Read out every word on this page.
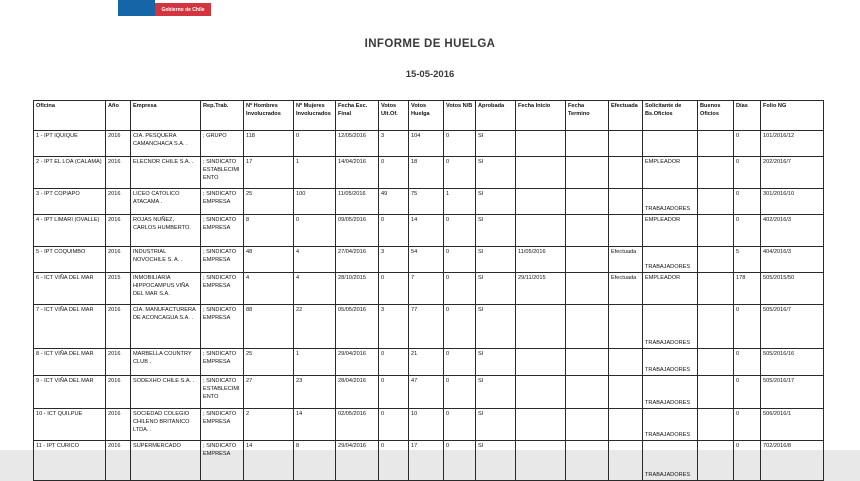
Gobierno de Chile
INFORME DE HUELGA
15-05-2016
Oficina	Año	Empresa	Rep.Trab.	Nº Hombres Involucrados	Nº Mujeres Involucrados	Fecha Esc. Final	Votos Ult.Of.	Votos Huelga	Votos N/B	Aprobada	Fecha Inicio	Fecha Termino	Efectuada	Solicitante de Bs.Oficios	Buenos Oficios	Días	Folio NG
1 - IPT IQUIQUE	2016	CIA. PESQUERA CAMANCHACA S.A. .	; GRUPO	118	0	12/05/2016	3	104	0	SI						0	101/2016/12
2 - IPT EL LOA (CALAMA)	2016	ELECNOR CHILE S.A. .	; SINDICATO ESTABLECIMIENTO	17	1	14/04/2016	0	18	0	SI				EMPLEADOR		0	202/2016/7
3 - IPT COPIAPO	2016	LICEO CATOLICO ATACAMA .	; SINDICATO EMPRESA	25	100	11/05/2016	49	75	1	SI				TRABAJADORES		0	301/2016/10
4 - IPT LIMARI (OVALLE)	2016	ROJAS NUÑEZ, CARLOS HUMBERTO.	; SINDICATO EMPRESA	8	0	09/05/2016	0	14	0	SI				EMPLEADOR		0	402/2016/3
5 - IPT COQUIMBO	2016	INDUSTRIAL NOVOCHILE S. A. .	; SINDICATO EMPRESA	48	4	27/04/2016	3	54	0	SI	11/05/2016		Efectuada	TRABAJADORES		5	404/2016/3
6 - ICT VIÑA DEL MAR	2015	INMOBILIARIA HIPPOCAMPUS VIÑA DEL MAR S.A.	; SINDICATO EMPRESA	4	4	28/10/2015	0	7	0	SI	29/11/2015		Efectuada	EMPLEADOR		178	505/2015/50
7 - ICT VIÑA DEL MAR	2016	CIA. MANUFACTURERA DE ACONCAGUA S.A. .	; SINDICATO EMPRESA	88	22	05/05/2016	3	77	0	SI				TRABAJADORES		0	505/2016/7
8 - ICT VIÑA DEL MAR	2016	MARBELLA COUNTRY CLUB .	; SINDICATO EMPRESA	25	1	29/04/2016	0	21	0	SI				TRABAJADORES		0	505/2016/16
9 - ICT VIÑA DEL MAR	2016	SODEXHO CHILE S.A. .	; SINDICATO ESTABLECIMIENTO	27	23	28/04/2016	0	47	0	SI				TRABAJADORES		0	505/2016/17
10 - ICT QUILPUE	2016	SOCIEDAD COLEGIO CHILENO BRITANICO LTDA. .	; SINDICATO EMPRESA	2	14	02/05/2016	0	10	0	SI				TRABAJADORES		0	506/2016/1
11 - IPT CURICO	2016	SUPERMERCADO	; SINDICATO EMPRESA	14	8	29/04/2016	0	17	0	SI				TRABAJADORES		0	702/2016/8
